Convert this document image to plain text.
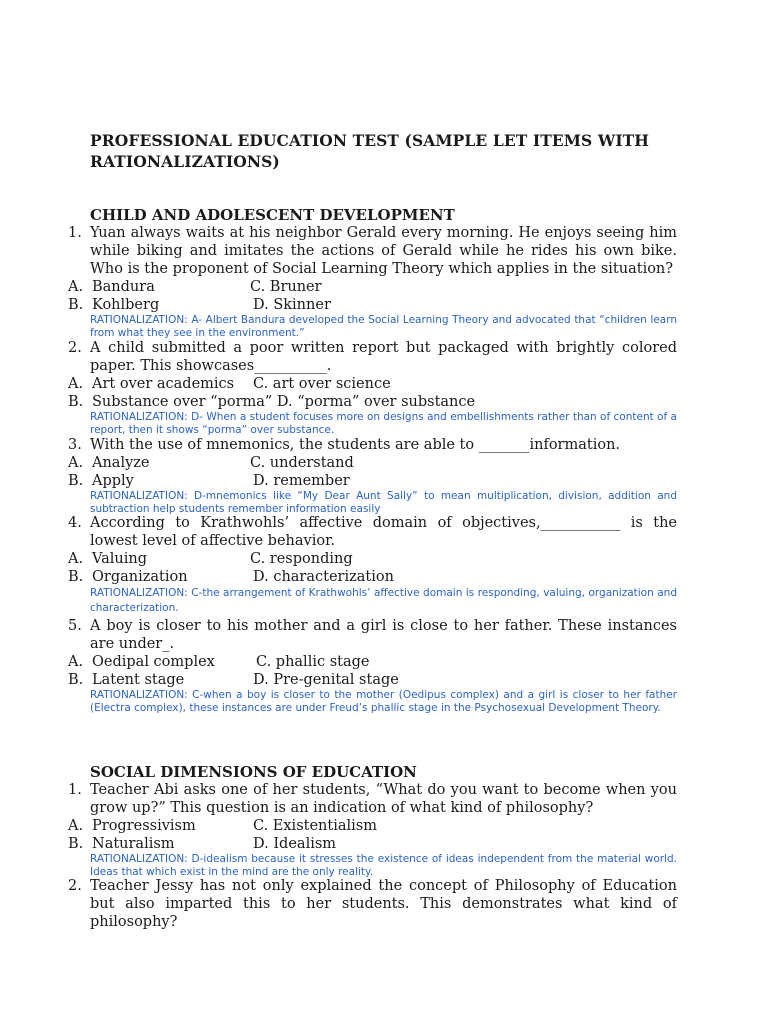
PROFESSIONAL EDUCATION TEST (SAMPLE LET ITEMS WITH RATIONALIZATIONS)
CHILD AND ADOLESCENT DEVELOPMENT
1. Yuan always waits at his neighbor Gerald every morning. He enjoys seeing him while biking and imitates the actions of Gerald while he rides his own bike. Who is the proponent of Social Learning Theory which applies in the situation?
A. Bandura	C. Bruner
B. Kohlberg	D. Skinner
RATIONALIZATION: A- Albert Bandura developed the Social Learning Theory and advocated that “children learn from what they see in the environment.”
2. A child submitted a poor written report but packaged with brightly colored paper. This showcases__________.
A. Art over academics C. art over science
B. Substance over “porma” D. “porma” over substance
RATIONALIZATION: D- When a student focuses more on designs and embellishments rather than of content of a report, then it shows “porma” over substance.
3. With the use of mnemonics, the students are able to _______information.
A. Analyze	C. understand
B. Apply	D. remember
RATIONALIZATION: D-mnemonics like “My Dear Aunt Sally” to mean multiplication, division, addition and subtraction help students remember information easily
4. According to Krathwohls’ affective domain of objectives,___________ is the lowest level of affective behavior.
A. Valuing	C. responding
B. Organization	D. characterization
RATIONALIZATION: C-the arrangement of Krathwohls’ affective domain is responding, valuing, organization and characterization.
5. A boy is closer to his mother and a girl is close to her father. These instances are under_.
A. Oedipal complex	C. phallic stage
B. Latent stage	D. Pre-genital stage
RATIONALIZATION: C-when a boy is closer to the mother (Oedipus complex) and a girl is closer to her father (Electra complex), these instances are under Freud’s phallic stage in the Psychosexual Development Theory.
SOCIAL DIMENSIONS OF EDUCATION
1. Teacher Abi asks one of her students, “What do you want to become when you grow up?” This question is an indication of what kind of philosophy?
A. Progressivism	C. Existentialism
B. Naturalism	D. Idealism
RATIONALIZATION: D-idealism because it stresses the existence of ideas independent from the material world. Ideas that which exist in the mind are the only reality.
2. Teacher Jessy has not only explained the concept of Philosophy of Education but also imparted this to her students. This demonstrates what kind of philosophy?
